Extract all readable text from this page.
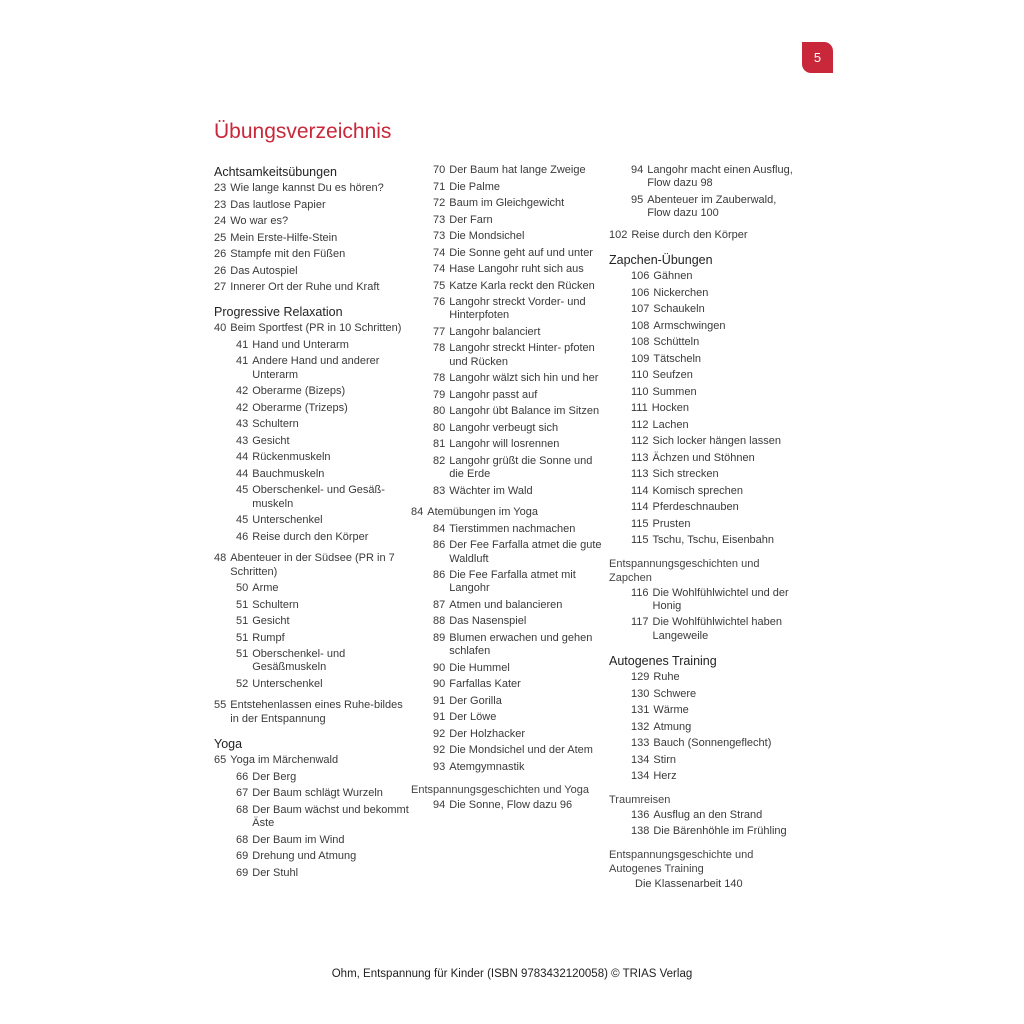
5
Übungsverzeichnis
Achtsamkeitsübungen
23 Wie lange kannst Du es hören?
23 Das lautlose Papier
24 Wo war es?
25 Mein Erste-Hilfe-Stein
26 Stampfe mit den Füßen
26 Das Autospiel
27 Innerer Ort der Ruhe und Kraft
Progressive Relaxation
40 Beim Sportfest (PR in 10 Schritten)
41 Hand und Unterarm
41 Andere Hand und anderer Unterarm
42 Oberarme (Bizeps)
42 Oberarme (Trizeps)
43 Schultern
43 Gesicht
44 Rückenmuskeln
44 Bauchmuskeln
45 Oberschenkel- und Gesäß-muskeln
45 Unterschenkel
46 Reise durch den Körper
48 Abenteuer in der Südsee (PR in 7 Schritten)
50 Arme
51 Schultern
51 Gesicht
51 Rumpf
51 Oberschenkel- und Gesäßmuskeln
52 Unterschenkel
55 Entstehenlassen eines Ruhe-bildes in der Entspannung
Yoga
65 Yoga im Märchenwald
66 Der Berg
67 Der Baum schlägt Wurzeln
68 Der Baum wächst und bekommt Äste
68 Der Baum im Wind
69 Drehung und Atmung
69 Der Stuhl
70 Der Baum hat lange Zweige
71 Die Palme
72 Baum im Gleichgewicht
73 Der Farn
73 Die Mondsichel
74 Die Sonne geht auf und unter
74 Hase Langohr ruht sich aus
75 Katze Karla reckt den Rücken
76 Langohr streckt Vorder- und Hinterpfoten
77 Langohr balanciert
78 Langohr streckt Hinter- pfoten und Rücken
78 Langohr wälzt sich hin und her
79 Langohr passt auf
80 Langohr übt Balance im Sitzen
80 Langohr verbeugt sich
81 Langohr will losrennen
82 Langohr grüßt die Sonne und die Erde
83 Wächter im Wald
84 Atemübungen im Yoga
84 Tierstimmen nachmachen
86 Der Fee Farfalla atmet die gute Waldluft
86 Die Fee Farfalla atmet mit Langohr
87 Atmen und balancieren
88 Das Nasenspiel
89 Blumen erwachen und gehen schlafen
90 Die Hummel
90 Farfallas Kater
91 Der Gorilla
91 Der Löwe
92 Der Holzhacker
92 Die Mondsichel und der Atem
93 Atemgymnastik
Entspannungsgeschichten und Yoga
94 Die Sonne, Flow dazu 96
94 Langohr macht einen Ausflug, Flow dazu 98
95 Abenteuer im Zauberwald, Flow dazu 100
102 Reise durch den Körper
Zapchen-Übungen
106 Gähnen
106 Nickerchen
107 Schaukeln
108 Armschwingen
108 Schütteln
109 Tätscheln
110 Seufzen
110 Summen
111 Hocken
112 Lachen
112 Sich locker hängen lassen
113 Ächzen und Stöhnen
113 Sich strecken
114 Komisch sprechen
114 Pferdeschnauben
115 Prusten
115 Tschu, Tschu, Eisenbahn
Entspannungsgeschichten und Zapchen
116 Die Wohlfühlwichtel und der Honig
117 Die Wohlfühlwichtel haben Langeweile
Autogenes Training
129 Ruhe
130 Schwere
131 Wärme
132 Atmung
133 Bauch (Sonnengeflecht)
134 Stirn
134 Herz
Traumreisen
136 Ausflug an den Strand
138 Die Bärenhöhle im Frühling
Entspannungsgeschichte und Autogenes Training
Die Klassenarbeit 140
Ohm, Entspannung für Kinder (ISBN 9783432120058) © TRIAS Verlag
